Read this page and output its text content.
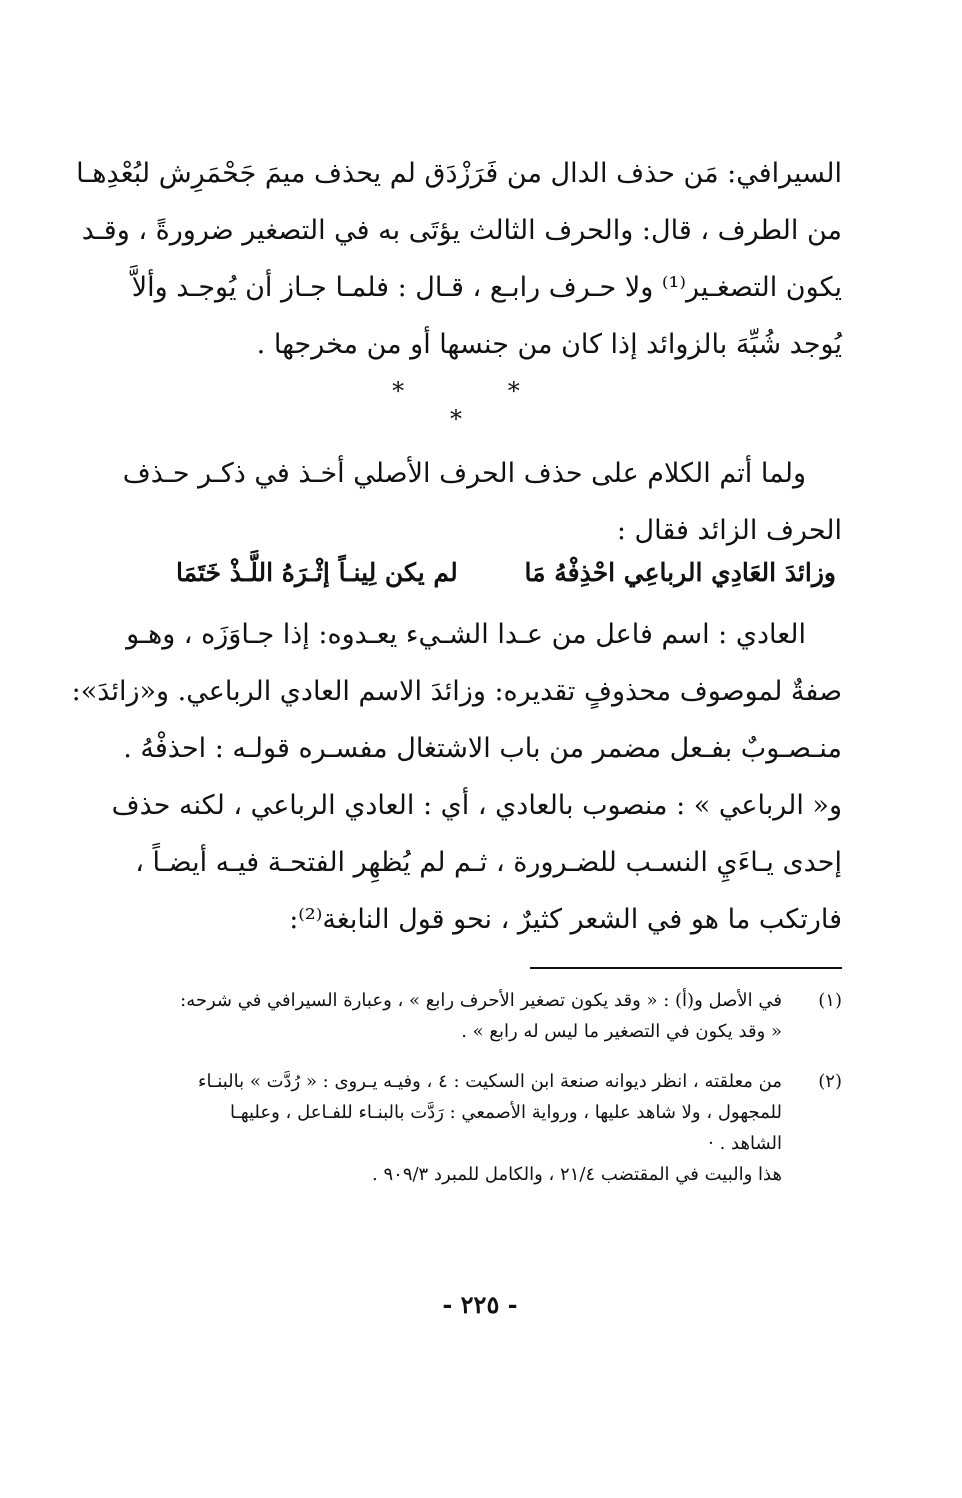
السيرافي: مَن حذف الدال من فَرَزْدَق لم يحذف ميمَ جَحْمَرِش لبُعْدِهـا
من الطرف ، قال: والحرف الثالث يؤتَى به في التصغير ضرورةً ، وقـد
يكون التصغـير⁽¹⁾ ولا حـرف رابـع ، قـال : فلمـا جـاز أن يُوجـد وألاَّ
يُوجد شُبِّهَ بالزوائد إذا كان من جنسها أو من مخرجها .
* * *
ولما أتم الكلام على حذف الحرف الأصلي أخـذ في ذكـر حـذف
الحرف الزائد فقال :
وزائدَ العَادِي الرباعِي احْذِفْهُ مَا
لم يكن لِينـاً إثْـرَهُ اللَّـذْ خَتَمَا
العادي : اسم فاعل من عـدا الشـيء يعـدوه: إذا جـاوَزَه ، وهـو
صفةٌ لموصوف محذوفٍ تقديره: وزائدَ الاسم العادي الرباعي. و«زائدَ»:
منـصـوبٌ بفـعل مضمر من باب الاشتغال مفسـره قولـه : احذفْهُ .
و« الرباعي » : منصوب بالعادي ، أي : العادي الرباعي ، لكنه حذف
إحدى يـاءَيِ النسـب للضـرورة ، ثـم لم يُظهِر الفتحـة فيـه أيضـاً ،
فارتكب ما هو في الشعر كثيرٌ ، نحو قول النابغة⁽²⁾:
(١)
في الأصل و(أ) : « وقد يكون تصغير الأحرف رابع » ، وعبارة السيرافي في شرحه:
« وقد يكون في التصغير ما ليس له رابع » .
(٢)
من معلقته ، انظر ديوانه صنعة ابن السكيت : ٤ ، وفيـه يـروى : « رُدَّت » بالبنـاء
للمجهول ، ولا شاهد عليها ، ورواية الأصمعي : رَدَّت بالبنـاء للفـاعل ، وعليهـا
الشاهد . ·
هذا والبيت في المقتضب ٢١/٤ ، والكامل للمبرد ٩٠٩/٣ .
- ٢٢٥ -
